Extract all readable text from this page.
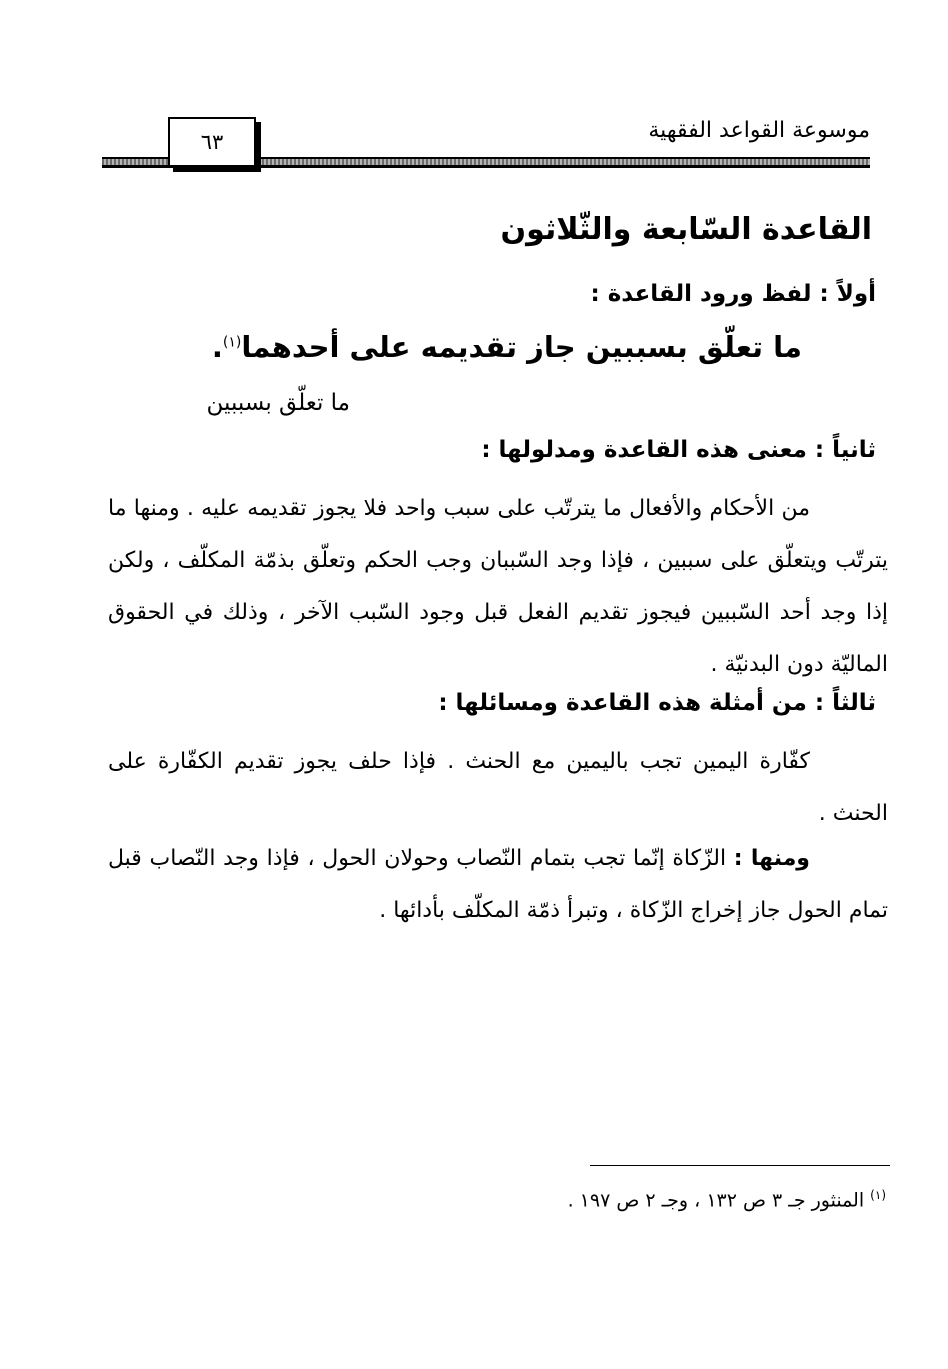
موسوعة القواعد الفقهية
٦٣
القاعدة السّابعة والثّلاثون
أولاً : لفظ ورود القاعدة :
ما تعلّق بسببين جاز تقديمه على أحدهما$^{(١)}$.
ما تعلّق بسببين
ثانياً : معنى هذه القاعدة ومدلولها :
من الأحكام والأفعال ما يترتّب على سبب واحد فلا يجوز تقديمه عليه . ومنها ما يترتّب ويتعلّق على سببين ، فإذا وجد السّببان وجب الحكم وتعلّق بذمّة المكلّف ، ولكن إذا وجد أحد السّببين فيجوز تقديم الفعل قبل وجود السّبب الآخر ، وذلك في الحقوق الماليّة دون البدنيّة .
ثالثاً : من أمثلة هذه القاعدة ومسائلها :
كفّارة اليمين تجب باليمين مع الحنث . فإذا حلف يجوز تقديم الكفّارة على الحنث .
ومنها : الزّكاة إنّما تجب بتمام النّصاب وحولان الحول ، فإذا وجد النّصاب قبل تمام الحول جاز إخراج الزّكاة ، وتبرأ ذمّة المكلّف بأدائها .
$^{(١)}$ المنثور جـ ٣ ص ١٣٢ ، وجـ ٢ ص ١٩٧ .
